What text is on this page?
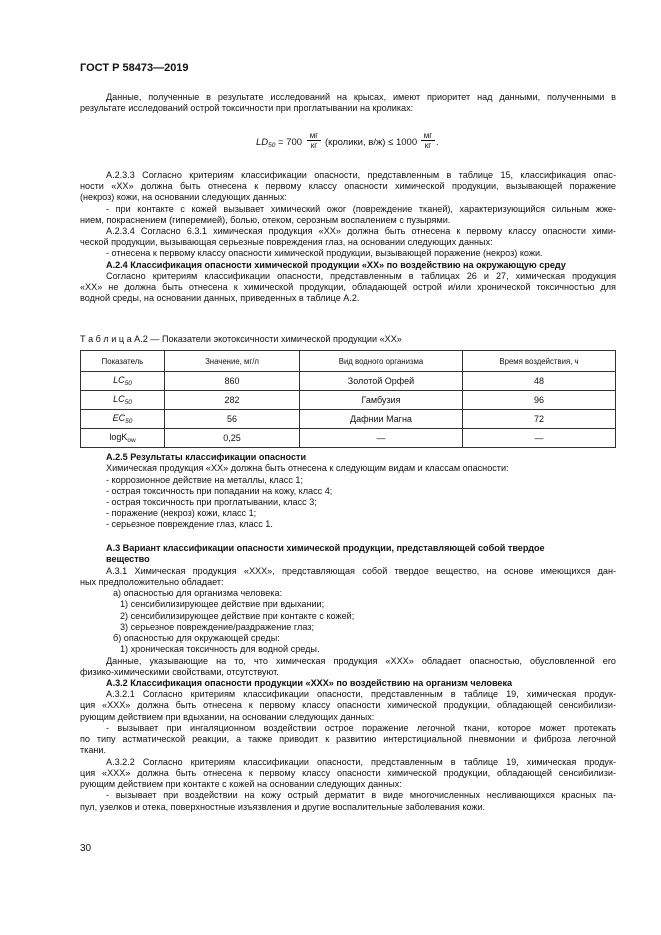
ГОСТ Р 58473—2019
Данные, полученные в результате исследований на крысах, имеют приоритет над данными, полученными в
результате исследований острой токсичности при проглатывании на кроликах:
$LD_{50} = 700$
мг
кг (кролики, в/ж) ≤ 1000
мг
кг .
А.2.3.3 Согласно критериям классификации опасности, представленным в таблице 15, классификация опас-
ности «ХХ» должна быть отнесена к первому классу опасности химической продукции, вызывающей поражение
(некроз) кожи, на основании следующих данных:
- при контакте с кожей вызывает химический ожог (повреждение тканей), характеризующийся сильным жже-
нием, покраснением (гиперемией), болью, отеком, серозным воспалением с пузырями.
А.2.3.4 Согласно 6.3.1 химическая продукция «ХХ» должна быть отнесена к первому классу опасности хими-
ческой продукции, вызывающая серьезные повреждения глаз, на основании следующих данных:
- отнесена к первому классу опасности химической продукции, вызывающей поражение (некроз) кожи.
А.2.4 Классификация опасности химической продукции «ХХ» по воздействию на окружающую среду
Согласно критериям классификации опасности, представленным в таблицах 26 и 27, химическая продукция
«ХХ» не должна быть отнесена к химической продукции, обладающей острой и/или хронической токсичностью для
водной среды, на основании данных, приведенных в таблице А.2.
Т а б л и ц а А.2 — Показатели экотоксичности химической продукции «ХХ»
Показатель	Значение, мг/л	Вид водного организма	Время воздействия, ч
$LC_{50}$	860	Золотой Орфей	48
$LC_{50}$	282	Гамбузия	96
$EC_{50}$	56	Дафнии Магна	72
logK$_{ow}$	0,25	—	—
А.2.5 Результаты классификации опасности
Химическая продукция «ХХ» должна быть отнесена к следующим видам и классам опасности:
- коррозионное действие на металлы, класс 1;
- острая токсичность при попадании на кожу, класс 4;
- острая токсичность при проглатывании, класс 3;
- поражение (некроз) кожи, класс 1;
- серьезное повреждение глаз, класс 1.
А.3 Вариант классификации опасности химической продукции, представляющей собой твердое
вещество
А.3.1 Химическая продукция «ХХХ», представляющая собой твердое вещество, на основе имеющихся дан-
ных предположительно обладает:
а) опасностью для организма человека:
1) сенсибилизирующее действие при вдыхании;
2) сенсибилизирующее действие при контакте с кожей;
3) серьезное повреждение/раздражение глаз;
б) опасностью для окружающей среды:
1) хроническая токсичность для водной среды.
Данные, указывающие на то, что химическая продукция «ХХХ» обладает опасностью, обусловленной его
физико-химическими свойствами, отсутствуют.
А.3.2 Классификация опасности продукции «ХХХ» по воздействию на организм человека
А.3.2.1 Согласно критериям классификации опасности, представленным в таблице 19, химическая продук-
ция «ХХХ» должна быть отнесена к первому классу опасности химической продукции, обладающей сенсибилизи-
рующим действием при вдыхании, на основании следующих данных:
- вызывает при ингаляционном воздействии острое поражение легочной ткани, которое может протекать
по типу астматической реакции, а также приводит к развитию интерстициальной пневмонии и фиброза легочной
ткани.
А.3.2.2 Согласно критериям классификации опасности, представленным в таблице 19, химическая продук-
ция «ХХХ» должна быть отнесена к первому классу опасности химической продукции, обладающей сенсибилизи-
рующим действием при контакте с кожей на основании следующих данных:
- вызывает при воздействии на кожу острый дерматит в виде многочисленных несливающихся красных па-
пул, узелков и отека, поверхностные изъязвления и другие воспалительные заболевания кожи.
30
